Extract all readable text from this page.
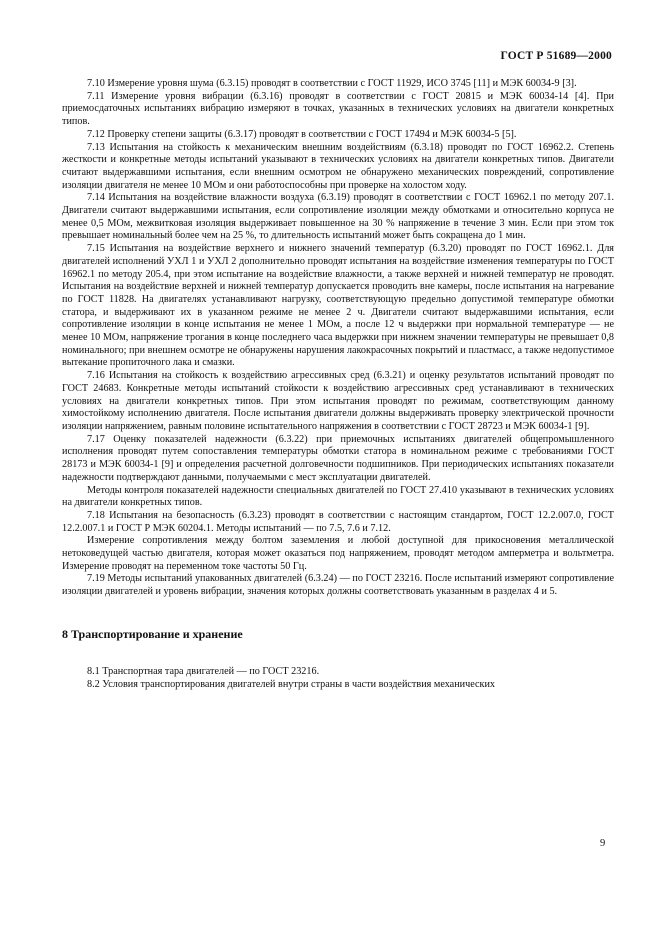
ГОСТ Р 51689—2000

7.10 Измерение уровня шума (6.3.15) проводят в соответствии с ГОСТ 11929, ИСО 3745 [11] и МЭК 60034-9 [3].

7.11 Измерение уровня вибрации (6.3.16) проводят в соответствии с ГОСТ 20815 и МЭК 60034-14 [4]. При приемосдаточных испытаниях вибрацию измеряют в точках, указанных в технических условиях на двигатели конкретных типов.

7.12 Проверку степени защиты (6.3.17) проводят в соответствии с ГОСТ 17494 и МЭК 60034-5 [5].

7.13 Испытания на стойкость к механическим внешним воздействиям (6.3.18) проводят по ГОСТ 16962.2. Степень жесткости и конкретные методы испытаний указывают в технических условиях на двигатели конкретных типов. Двигатели считают выдержавшими испытания, если внешним осмотром не обнаружено механических повреждений, сопротивление изоляции двигателя не менее 10 МОм и они работоспособны при проверке на холостом ходу.

7.14 Испытания на воздействие влажности воздуха (6.3.19) проводят в соответствии с ГОСТ 16962.1 по методу 207.1. Двигатели считают выдержавшими испытания, если сопротивление изоляции между обмотками и относительно корпуса не менее 0,5 МОм, межвитковая изоляция выдерживает повышенное на 30 % напряжение в течение 3 мин. Если при этом ток превышает номинальный более чем на 25 %, то длительность испытаний может быть сокращена до 1 мин.

7.15 Испытания на воздействие верхнего и нижнего значений температур (6.3.20) проводят по ГОСТ 16962.1. Для двигателей исполнений УХЛ 1 и УХЛ 2 дополнительно проводят испытания на воздействие изменения температуры по ГОСТ 16962.1 по методу 205.4, при этом испытание на воздействие влажности, а также верхней и нижней температур не проводят. Испытания на воздействие верхней и нижней температур допускается проводить вне камеры, после испытания на нагревание по ГОСТ 11828. На двигателях устанавливают нагрузку, соответствующую предельно допустимой температуре обмотки статора, и выдерживают их в указанном режиме не менее 2 ч. Двигатели считают выдержавшими испытания, если сопротивление изоляции в конце испытания не менее 1 МОм, а после 12 ч выдержки при нормальной температуре — не менее 10 МОм, напряжение трогания в конце последнего часа выдержки при нижнем значении температуры не превышает 0,8 номинального; при внешнем осмотре не обнаружены нарушения лакокрасочных покрытий и пластмасс, а также недопустимое вытекание пропиточного лака и смазки.

7.16 Испытания на стойкость к воздействию агрессивных сред (6.3.21) и оценку результатов испытаний проводят по ГОСТ 24683. Конкретные методы испытаний стойкости к воздействию агрессивных сред устанавливают в технических условиях на двигатели конкретных типов. При этом испытания проводят по режимам, соответствующим данному химостойкому исполнению двигателя. После испытания двигатели должны выдерживать проверку электрической прочности изоляции напряжением, равным половине испытательного напряжения в соответствии с ГОСТ 28723 и МЭК 60034-1 [9].

7.17 Оценку показателей надежности (6.3.22) при приемочных испытаниях двигателей общепромышленного исполнения проводят путем сопоставления температуры обмотки статора в номинальном режиме с требованиями ГОСТ 28173 и МЭК 60034-1 [9] и определения расчетной долговечности подшипников. При периодических испытаниях показатели надежности подтверждают данными, получаемыми с мест эксплуатации двигателей.

Методы контроля показателей надежности специальных двигателей по ГОСТ 27.410 указывают в технических условиях на двигатели конкретных типов.

7.18 Испытания на безопасность (6.3.23) проводят в соответствии с настоящим стандартом, ГОСТ 12.2.007.0, ГОСТ 12.2.007.1 и ГОСТ Р МЭК 60204.1. Методы испытаний — по 7.5, 7.6 и 7.12.

Измерение сопротивления между болтом заземления и любой доступной для прикосновения металлической нетоковедущей частью двигателя, которая может оказаться под напряжением, проводят методом амперметра и вольтметра. Измерение проводят на переменном токе частоты 50 Гц.

7.19 Методы испытаний упакованных двигателей (6.3.24) — по ГОСТ 23216. После испытаний измеряют сопротивление изоляции двигателей и уровень вибрации, значения которых должны соответствовать указанным в разделах 4 и 5.

8 Транспортирование и хранение

8.1 Транспортная тара двигателей — по ГОСТ 23216.

8.2 Условия транспортирования двигателей внутри страны в части воздействия механических

9
